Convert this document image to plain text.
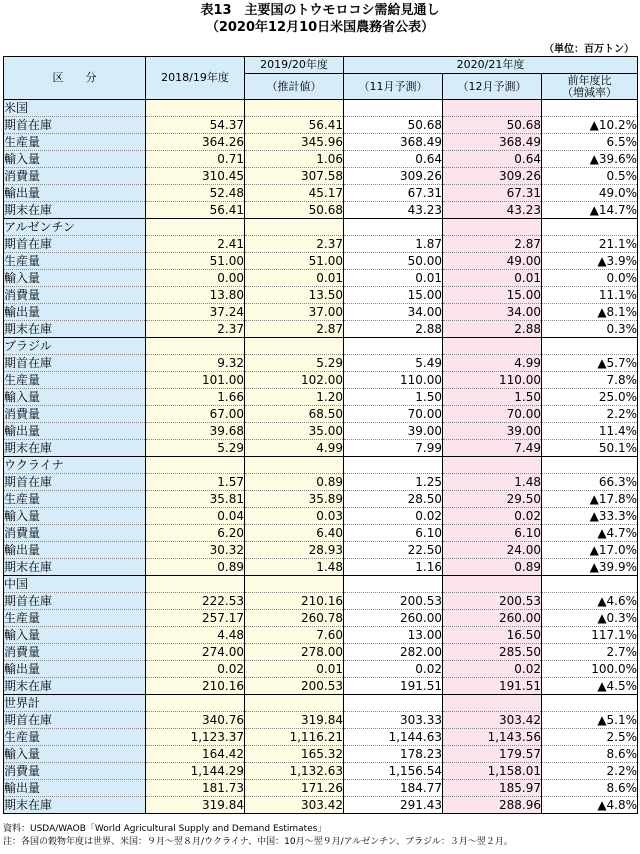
表13　主要国のトウモロコシ需給見通し
（2020年12月10日米国農務省公表）
（単位：百万トン）
区　　分	2018/19年度	2019/20年度	2020/21年度		
		（推計値）	（11月予測）	（12月予測）	前年度比
（増減率）

米国					
期首在庫	54.37	56.41	50.68	50.68	▲10.2%
生産量	364.26	345.96	368.49	368.49	6.5%
輸入量	0.71	1.06	0.64	0.64	▲39.6%
消費量	310.45	307.58	309.26	309.26	0.5%
輸出量	52.48	45.17	67.31	67.31	49.0%
期末在庫	56.41	50.68	43.23	43.23	▲14.7%
アルゼンチン					
期首在庫	2.41	2.37	1.87	2.87	21.1%
生産量	51.00	51.00	50.00	49.00	▲3.9%
輸入量	0.00	0.01	0.01	0.01	0.0%
消費量	13.80	13.50	15.00	15.00	11.1%
輸出量	37.24	37.00	34.00	34.00	▲8.1%
期末在庫	2.37	2.87	2.88	2.88	0.3%
ブラジル					
期首在庫	9.32	5.29	5.49	4.99	▲5.7%
生産量	101.00	102.00	110.00	110.00	7.8%
輸入量	1.66	1.20	1.50	1.50	25.0%
消費量	67.00	68.50	70.00	70.00	2.2%
輸出量	39.68	35.00	39.00	39.00	11.4%
期末在庫	5.29	4.99	7.99	7.49	50.1%
ウクライナ					
期首在庫	1.57	0.89	1.25	1.48	66.3%
生産量	35.81	35.89	28.50	29.50	▲17.8%
輸入量	0.04	0.03	0.02	0.02	▲33.3%
消費量	6.20	6.40	6.10	6.10	▲4.7%
輸出量	30.32	28.93	22.50	24.00	▲17.0%
期末在庫	0.89	1.48	1.16	0.89	▲39.9%
中国					
期首在庫	222.53	210.16	200.53	200.53	▲4.6%
生産量	257.17	260.78	260.00	260.00	▲0.3%
輸入量	4.48	7.60	13.00	16.50	117.1%
消費量	274.00	278.00	282.00	285.50	2.7%
輸出量	0.02	0.01	0.02	0.02	100.0%
期末在庫	210.16	200.53	191.51	191.51	▲4.5%
世界計					
期首在庫	340.76	319.84	303.33	303.42	▲5.1%
生産量	1,123.37	1,116.21	1,144.63	1,143.56	2.5%
輸入量	164.42	165.32	178.23	179.57	8.6%
消費量	1,144.29	1,132.63	1,156.54	1,158.01	2.2%
輸出量	181.73	171.26	184.77	185.97	8.6%
期末在庫	319.84	303.42	291.43	288.96	▲4.8%
資料：USDA/WAOB「World Agricultural Supply and Demand Estimates」
注：各国の穀物年度は世界、米国：９月～翌８月/ウクライナ、中国：10月～翌９月/アルゼンチン、ブラジル：３月～翌２月。
